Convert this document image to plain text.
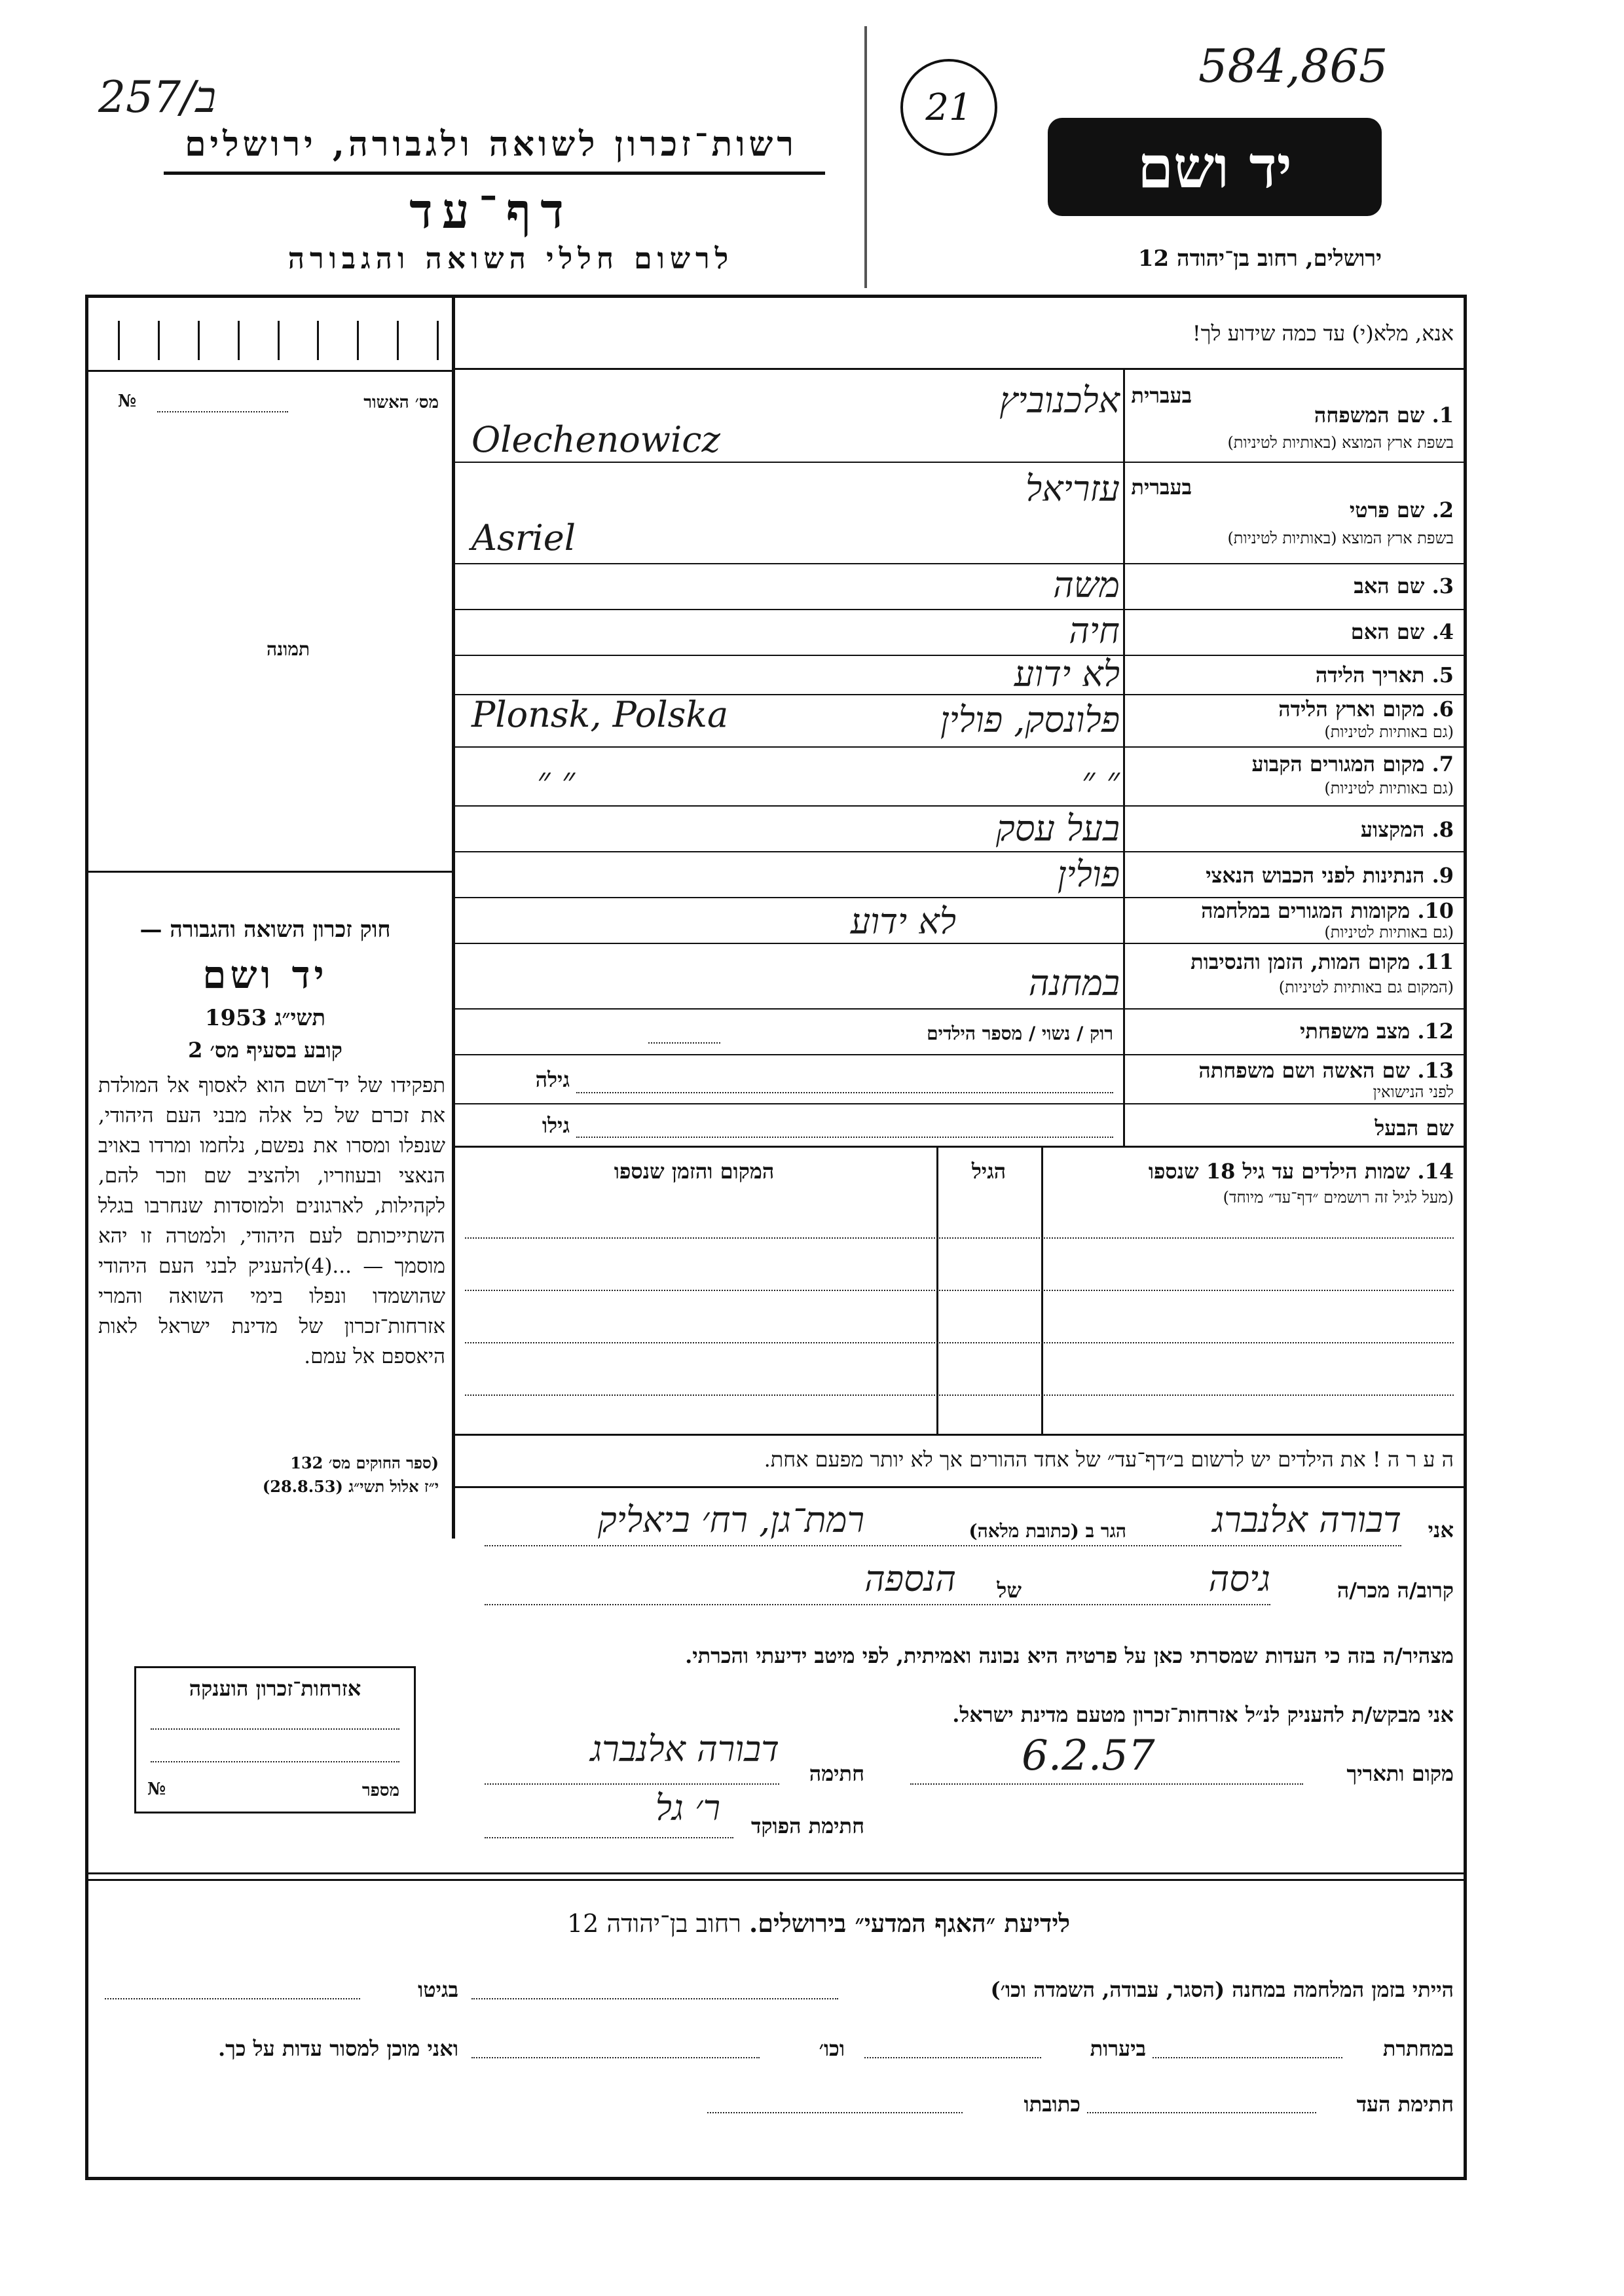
257/ב
584,865
21
רשות־זכרון לשואה ולגבורה, ירושלים
דף־עד
לרשום חללי השואה והגבורה
יד ושם
ירושלים, רחוב בן־יהודה 12
אנא, מלא(י) עד כמה שידוע לך!
מס׳ האשור
№
תמונה
חוק זכרון השואה והגבורה —
יד ושם
תשי״ג 1953
קובע בסעיף מס׳ 2
תפקידו של יד־ושם הוא לאסוף אל המולדת את זכרם של כל אלה מבני העם היהודי, שנפלו ומסרו את נפשם, נלחמו ומרדו באויב הנאצי ובעוזריו, ולהציב שם וזכר להם, לקהילות, לארגונים ולמוסדות שנחרבו בגלל השתייכותם לעם היהודי, ולמטרה זו יהא מוסמך — ...(4)להעניק לבני העם היהודי שהושמדו ונפלו בימי השואה והמרי אזרחות־זכרון של מדינת ישראל לאות היאספם אל עמם.
(ספר החוקים מס׳ 132
י״ז אלול תשי״ג (28.8.53)
1. שם המשפחה
בשפת ארץ המוצא (באותיות לטיניות)
בעברית
אלכנוביץ
Olechenowicz
2. שם פרטי
בשפת ארץ המוצא (באותיות לטיניות)
בעברית
עזריאל
Asriel
3. שם האב
משה
4. שם האם
חיה
5. תאריך הלידה
לא ידוע
6. מקום וארץ הלידה
(גם באותיות לטיניות)
פלונסק, פולין
Plonsk, Polska
7. מקום המגורים הקבוע
(גם באותיות לטיניות)
״ ״
״ ״
8. המקצוע
בעל עסק
9. הנתינות לפני הכבוש הנאצי
פולין
10. מקומות המגורים במלחמה
(גם באותיות לטיניות)
לא ידוע
11. מקום המות, הזמן והנסיבות
(המקום גם באותיות לטיניות)
במחנה
12. מצב משפחתי
רוק / נשוי / מספר הילדים
13. שם האשה ושם משפחתה
לפני הנישואין
גילה
שם הבעל
גילו
14. שמות הילדים עד גיל 18 שנספו
(מעל לגיל זה רושמים ״דף־עד״ מיוחד)
הגיל
המקום והזמן שנספו
ה ע ר ה ! את הילדים יש לרשום ב״דף־עד״ של אחד ההורים אך לא יותר מפעם אחת.
אני
דבורה אלנברג
הגר ב (כתובת מלאה)
רמת־גן, רח׳ ביאליק
קרוב/ה מכר/ה
גיסה
של
הנספה
מצהיר/ה בזה כי העדות שמסרתי כאן על פרטיה היא נכונה ואמיתית, לפי מיטב ידיעתי והכרתי.
אני מבקש/ת להעניק לנ״ל אזרחות־זכרון מטעם מדינת ישראל.
מקום ותאריך
6.2.57
חתימה
דבורה אלנברג
חתימת הפוקד
ר׳ גל
אזרחות־זכרון הוענקה
מספר
№
לידיעת ״האגף המדעי״ בירושלים. רחוב בן־יהודה 12
הייתי בזמן המלחמה במחנה (הסגר, עבודה, השמדה וכו׳)
בגיטו
במחתרת
ביערות
וכו׳
ואני מוכן למסור עדות על כך.
חתימת העד
כתובתו
